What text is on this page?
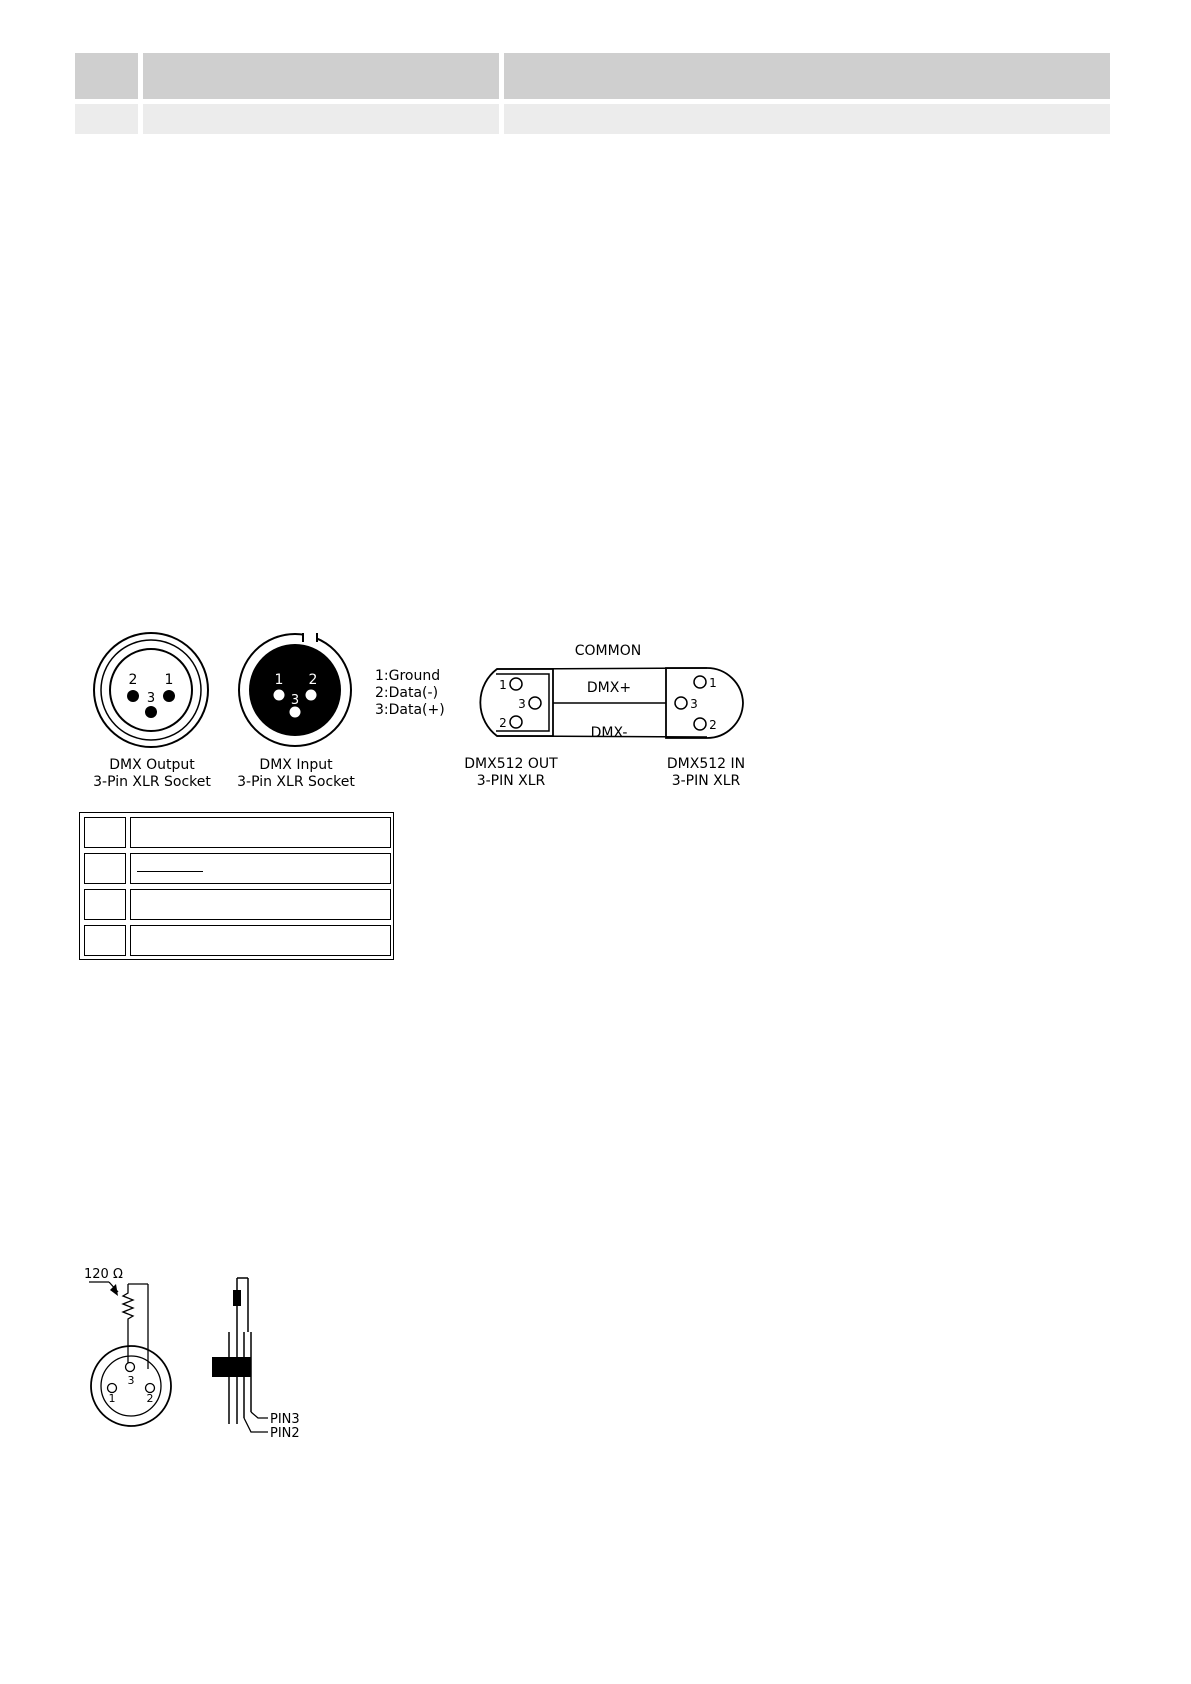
2 1
3
DMX Output
3-Pin XLR Socket
1 2
3
DMX Input
3-Pin XLR Socket
1:Ground
2:Data(-)
3:Data(+)
1
3
2
1
3
2
COMMON
DMX+
DMX-
DMX512 OUT
3-PIN XLR
DMX512 IN
3-PIN XLR
120 Ω
3
1	2
PIN3
PIN2
